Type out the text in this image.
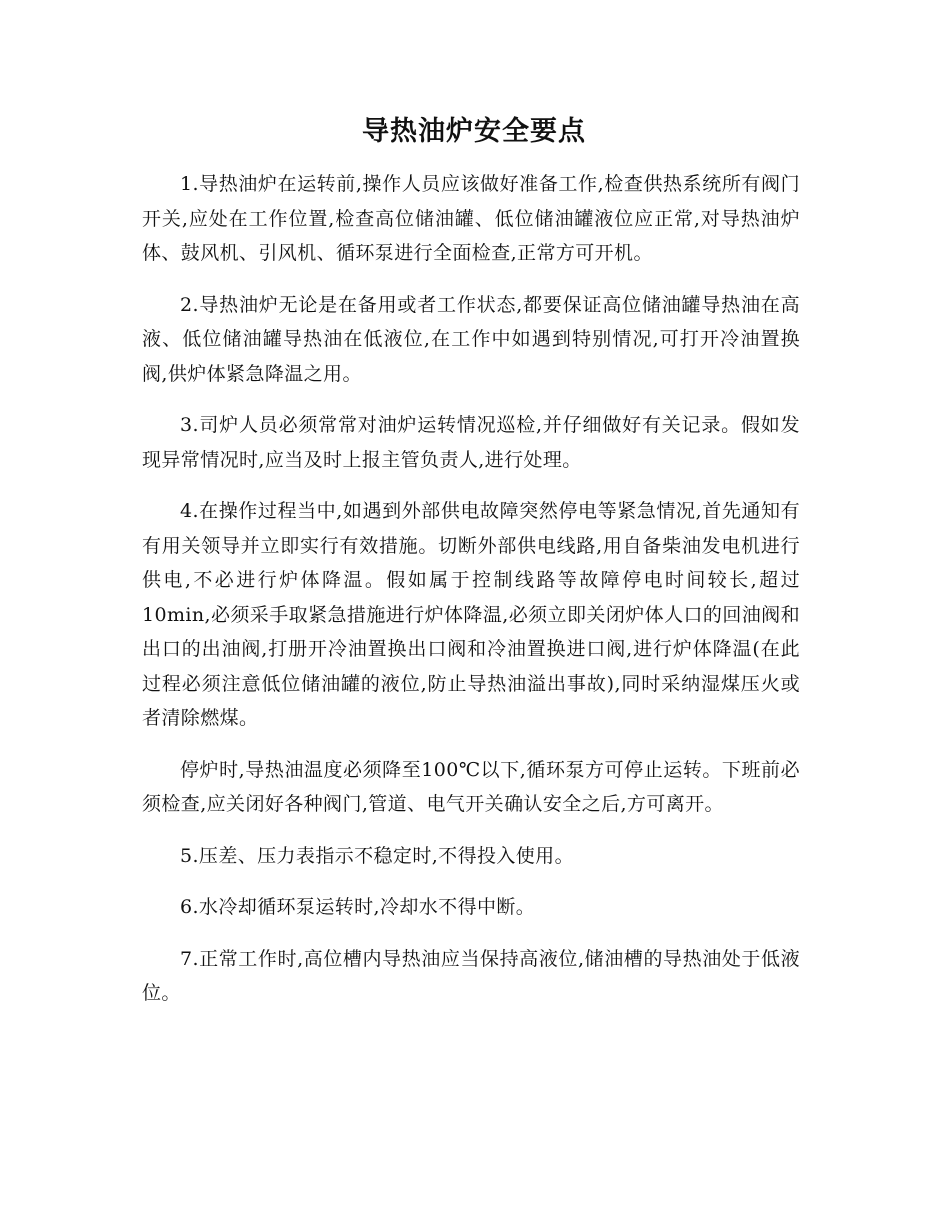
导热油炉安全要点

1.导热油炉在运转前,操作人员应该做好准备工作,检查供热系统所有阀门开关,应处在工作位置,检查高位储油罐、低位储油罐液位应正常,对导热油炉体、鼓风机、引风机、循环泵进行全面检查,正常方可开机。

2.导热油炉无论是在备用或者工作状态,都要保证高位储油罐导热油在高液、低位储油罐导热油在低液位,在工作中如遇到特别情况,可打开冷油置换阀,供炉体紧急降温之用。

3.司炉人员必须常常对油炉运转情况巡检,并仔细做好有关记录。假如发现异常情况时,应当及时上报主管负责人,进行处理。

4.在操作过程当中,如遇到外部供电故障突然停电等紧急情况,首先通知有有用关领导并立即实行有效措施。切断外部供电线路,用自备柴油发电机进行供电,不必进行炉体降温。假如属于控制线路等故障停电时间较长,超过10min,必须采手取紧急措施进行炉体降温,必须立即关闭炉体人口的回油阀和出口的出油阀,打册开冷油置换出口阀和冷油置换进口阀,进行炉体降温(在此过程必须注意低位储油罐的液位,防止导热油溢出事故),同时采纳湿煤压火或者清除燃煤。

停炉时,导热油温度必须降至100℃以下,循环泵方可停止运转。下班前必须检查,应关闭好各种阀门,管道、电气开关确认安全之后,方可离开。

5.压差、压力表指示不稳定时,不得投入使用。

6.水冷却循环泵运转时,冷却水不得中断。

7.正常工作时,高位槽内导热油应当保持高液位,储油槽的导热油处于低液位。
